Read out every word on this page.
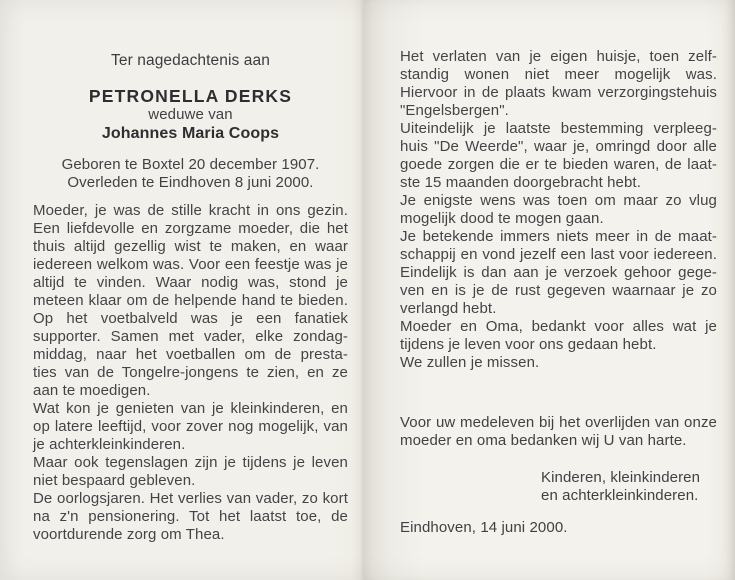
Ter nagedachtenis aan
PETRONELLA DERKS
weduwe van
Johannes Maria Coops
Geboren te Boxtel 20 december 1907.
Overleden te Eindhoven 8 juni 2000.
Moeder, je was de stille kracht in ons gezin.
Een liefdevolle en zorgzame moeder, die het
thuis altijd gezellig wist te maken, en waar
iedereen welkom was. Voor een feestje was je
altijd te vinden. Waar nodig was, stond je
meteen klaar om de helpende hand te bieden.
Op het voetbalveld was je een fanatiek
supporter. Samen met vader, elke zondag-
middag, naar het voetballen om de presta-
ties van de Tongelre-jongens te zien, en ze
aan te moedigen.
Wat kon je genieten van je kleinkinderen, en
op latere leeftijd, voor zover nog mogelijk, van
je achterkleinkinderen.
Maar ook tegenslagen zijn je tijdens je leven
niet bespaard gebleven.
De oorlogsjaren. Het verlies van vader, zo kort
na z'n pensionering. Tot het laatst toe, de
voortdurende zorg om Thea.
Het verlaten van je eigen huisje, toen zelf-
standig wonen niet meer mogelijk was.
Hiervoor in de plaats kwam verzorgingstehuis
"Engelsbergen".
Uiteindelijk je laatste bestemming verpleeg-
huis "De Weerde", waar je, omringd door alle
goede zorgen die er te bieden waren, de laat-
ste 15 maanden doorgebracht hebt.
Je enigste wens was toen om maar zo vlug
mogelijk dood te mogen gaan.
Je betekende immers niets meer in de maat-
schappij en vond jezelf een last voor iedereen.
Eindelijk is dan aan je verzoek gehoor gege-
ven en is je de rust gegeven waarnaar je zo
verlangd hebt.
Moeder en Oma, bedankt voor alles wat je
tijdens je leven voor ons gedaan hebt.
We zullen je missen.
Voor uw medeleven bij het overlijden van onze
moeder en oma bedanken wij U van harte.
Kinderen, kleinkinderen
en achterkleinkinderen.
Eindhoven, 14 juni 2000.
